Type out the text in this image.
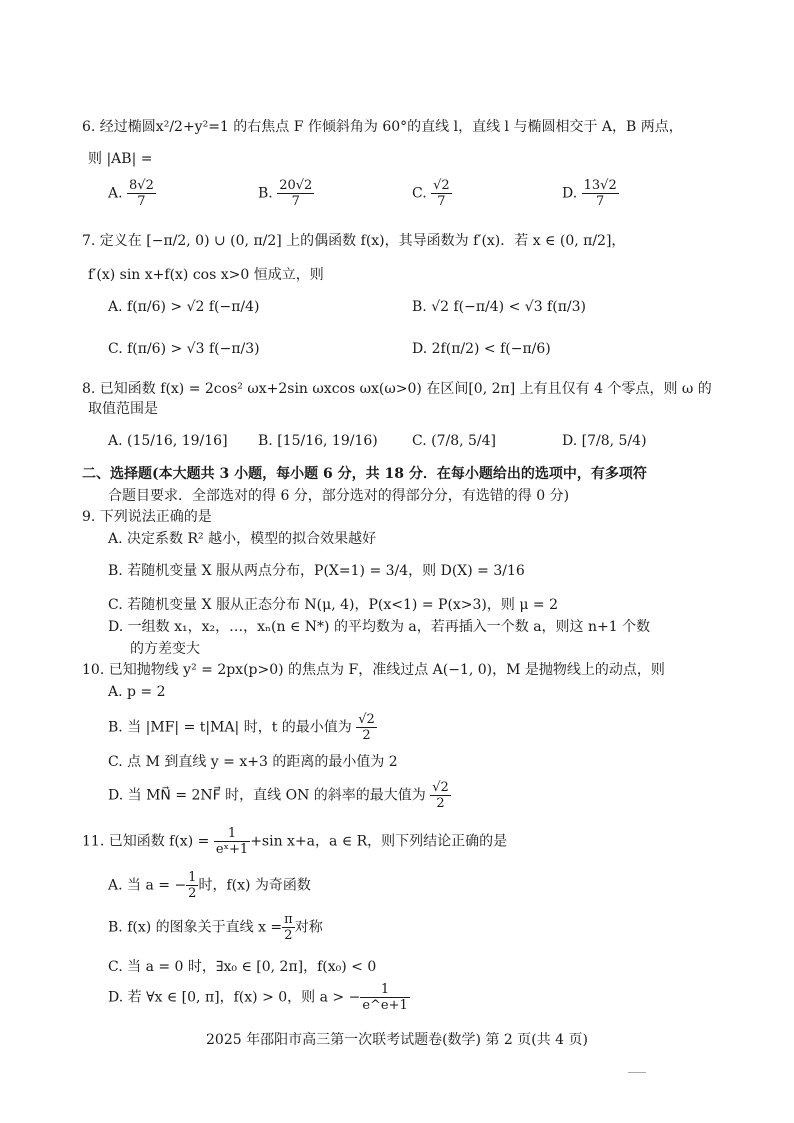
6. 经过椭圆x²/2+y²=1 的右焦点 F 作倾斜角为 60°的直线 l，直线 l 与椭圆相交于 A，B 两点，
则 |AB| =
A. $\frac{8√2}{7}$	B. $\frac{20√2}{7}$	C. $\frac{√2}{7}$	D. $\frac{13√2}{7}$
7. 定义在 [−π/2, 0) ∪ (0, π/2] 上的偶函数 f(x)，其导函数为 f′(x)．若 x ∈ (0, π/2]，
f′(x) sin x+f(x) cos x>0 恒成立，则
A. f(π/6) > √2 f(−π/4)	B. √2 f(−π/4) < √3 f(π/3)
C. f(π/6) > √3 f(−π/3)	D. 2f(π/2) < f(−π/6)
8. 已知函数 f(x) = 2cos² ωx+2sin ωxcos ωx(ω>0) 在区间[0, 2π] 上有且仅有 4 个零点，则 ω 的
取值范围是
A. (15/16, 19/16] B. [15/16, 19/16) C. (7/8, 5/4]	D. [7/8, 5/4)
二、选择题(本大题共 3 小题，每小题 6 分，共 18 分．在每小题给出的选项中，有多项符
合题目要求．全部选对的得 6 分，部分选对的得部分分，有选错的得 0 分)
9. 下列说法正确的是
A. 决定系数 R² 越小，模型的拟合效果越好
B. 若随机变量 X 服从两点分布，P(X=1) = 3/4，则 D(X) = 3/16
C. 若随机变量 X 服从正态分布 N(μ, 4)，P(x<1) = P(x>3)，则 μ = 2
D. 一组数 x₁，x₂，…，xₙ(n ∈ N*) 的平均数为 a，若再插入一个数 a，则这 n+1 个数
的方差变大
10. 已知抛物线 y² = 2px(p>0) 的焦点为 F，准线过点 A(−1, 0)，M 是抛物线上的动点，则
A. p = 2
B. 当 |MF| = t|MA| 时，t 的最小值为 $\frac{√2}{2}$
C. 点 M 到直线 y = x+3 的距离的最小值为 2
D. 当 MN⃗ = 2NF⃗ 时，直线 ON 的斜率的最大值为 $\frac{√2}{2}$
11. 已知函数 $f(x) = \frac{1}{\text{eˣ+1}} +\sin$ x+a，a ∈ R，则下列结论正确的是
A. 当 a = − $\frac{1}{2}$ 时，f(x) 为奇函数
B. f(x) 的图象关于直线 $x = \frac{\pi}{2}$ 对称
C. 当 a = 0 时，∃x₀ ∈ [0, 2π]，f(x₀) < 0
D. 若 ∀x ∈ [0, π]，f(x) > 0，则 a > − $\frac{1}{e\^{}e+1}$
2025 年邵阳市高三第一次联考试题卷(数学) 第 2 页(共 4 页)
